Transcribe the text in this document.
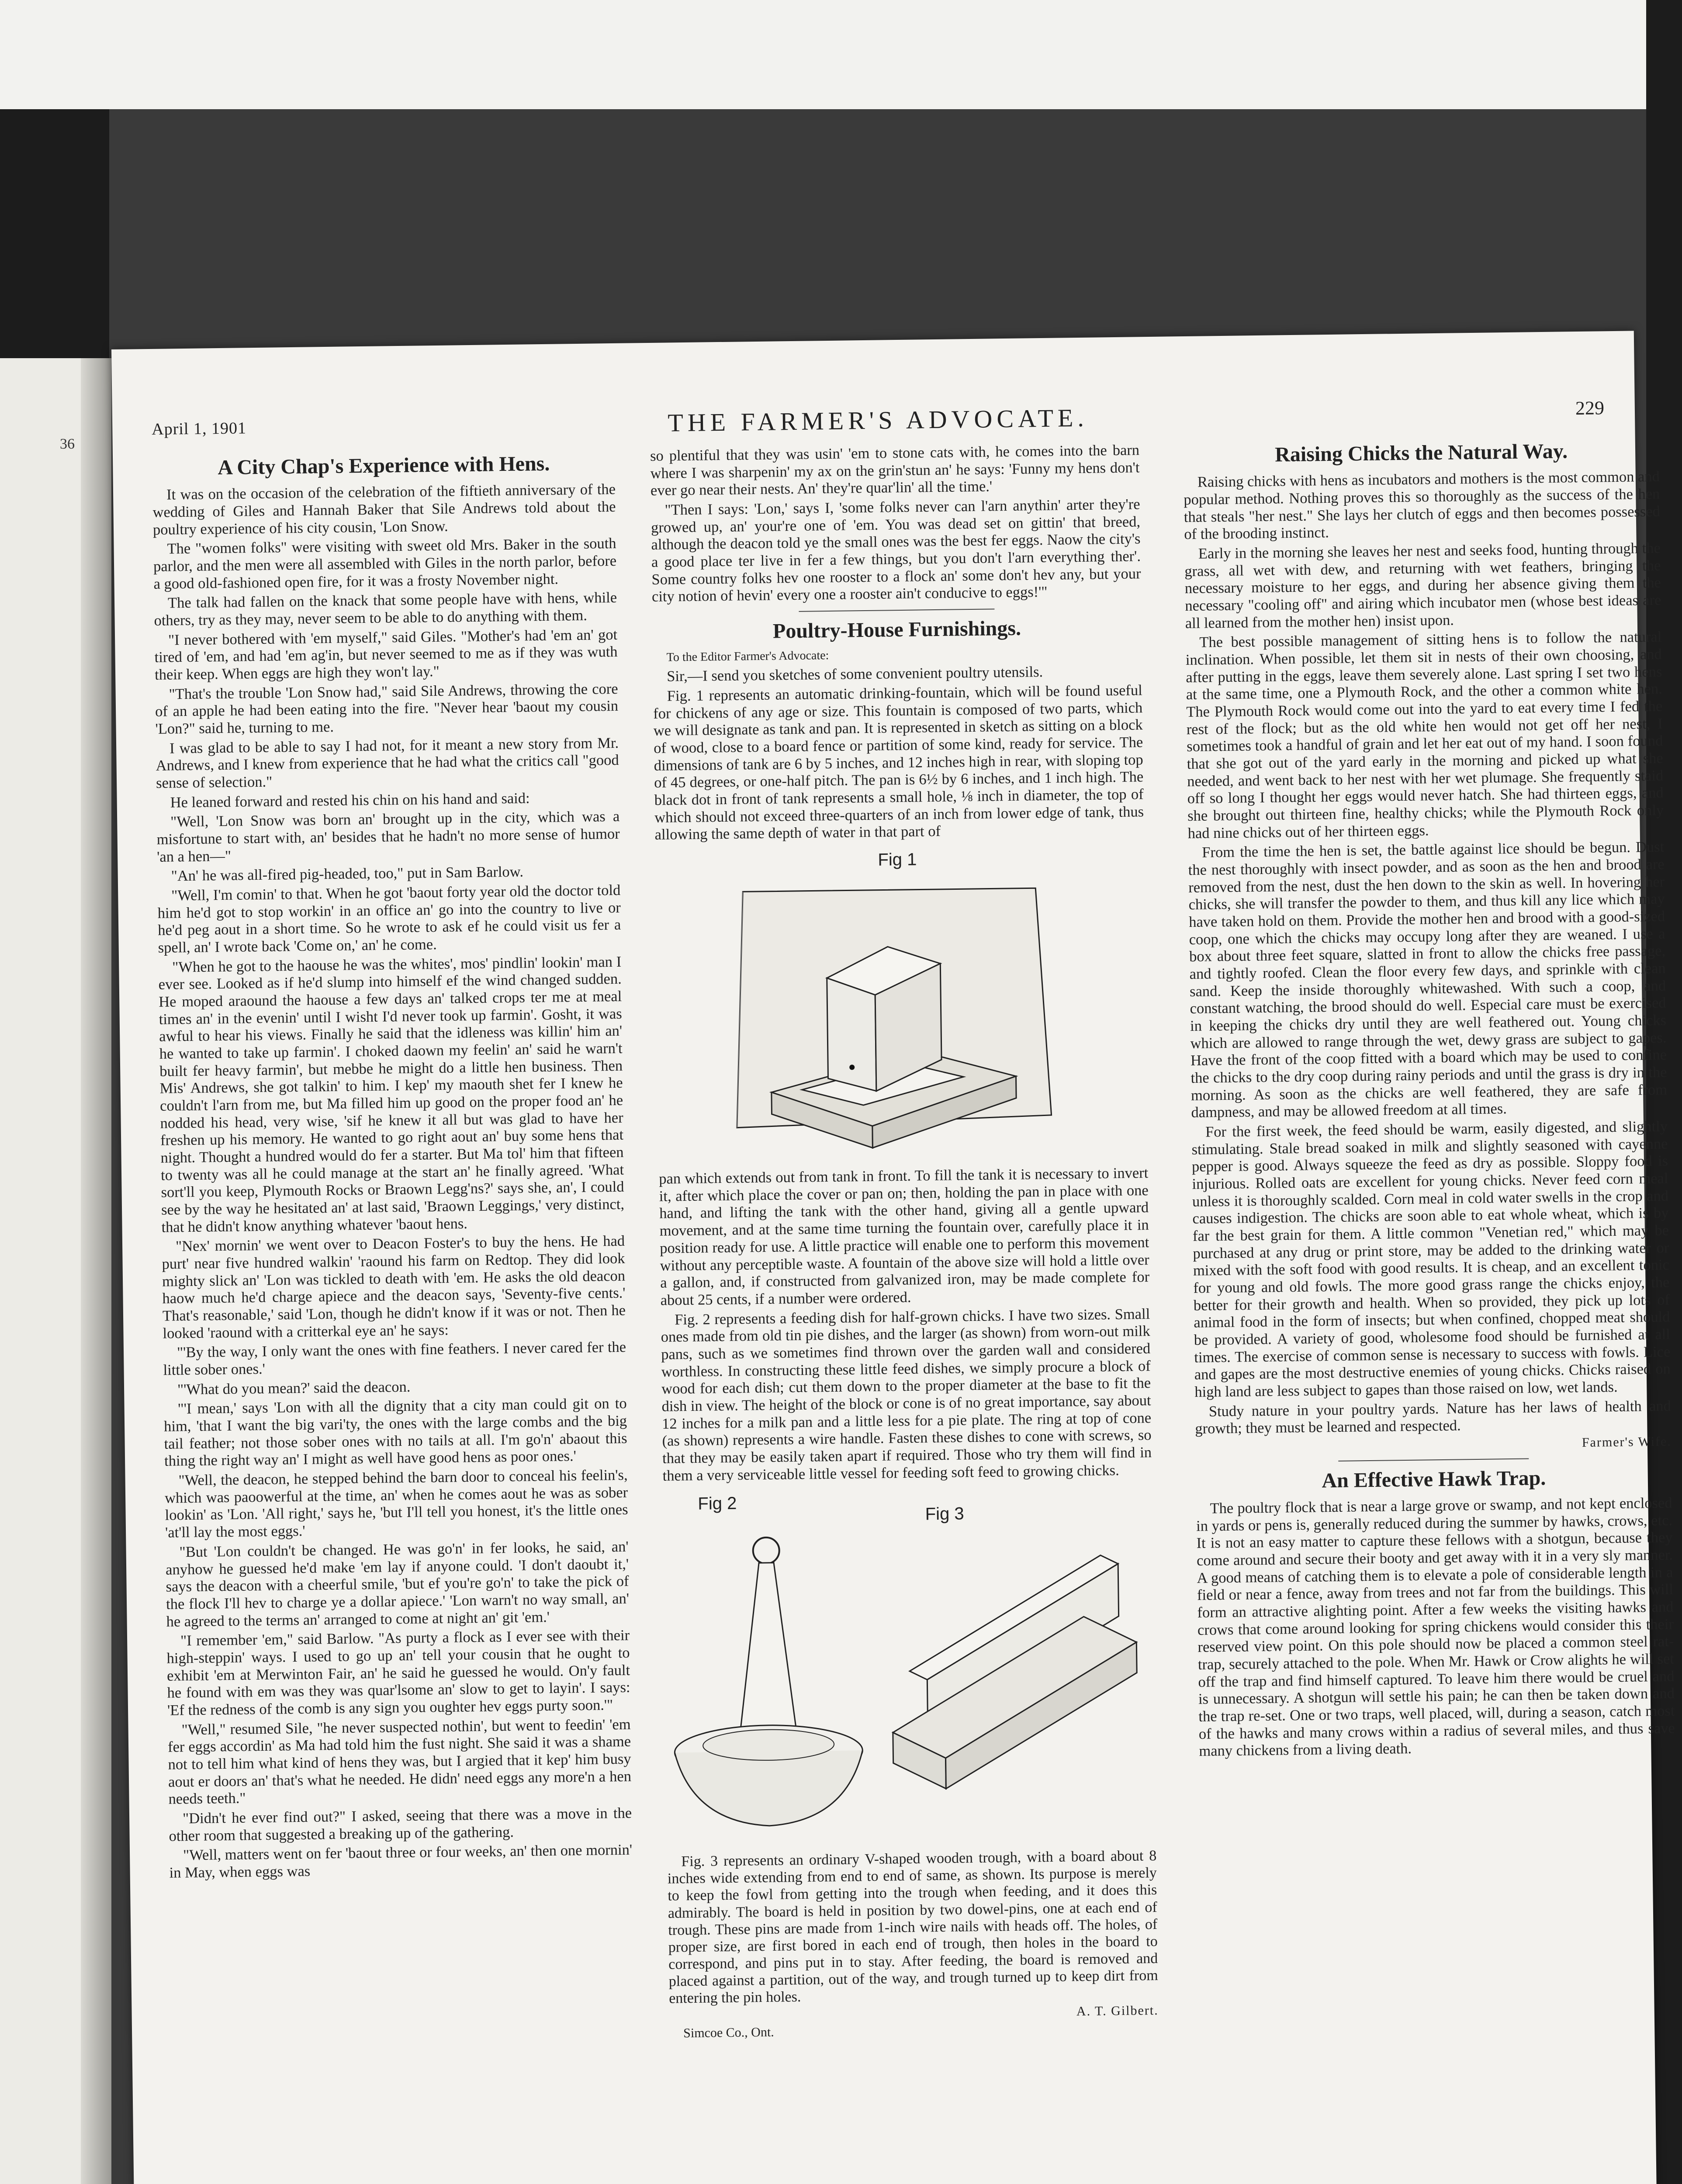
36
April 1, 1901	THE FARMER'S ADVOCATE.	229
A City Chap's Experience with Hens.

It was on the occasion of the celebration of the fiftieth anniversary of the wedding of Giles and Hannah Baker that Sile Andrews told about the poultry experience of his city cousin, 'Lon Snow.

The "women folks" were visiting with sweet old Mrs. Baker in the south parlor, and the men were all assembled with Giles in the north parlor, before a good old-fashioned open fire, for it was a frosty November night.

The talk had fallen on the knack that some people have with hens, while others, try as they may, never seem to be able to do anything with them.

"I never bothered with 'em myself," said Giles. "Mother's had 'em an' got tired of 'em, and had 'em ag'in, but never seemed to me as if they was wuth their keep. When eggs are high they won't lay."

"That's the trouble 'Lon Snow had," said Sile Andrews, throwing the core of an apple he had been eating into the fire. "Never hear 'baout my cousin 'Lon?" said he, turning to me.

I was glad to be able to say I had not, for it meant a new story from Mr. Andrews, and I knew from experience that he had what the critics call "good sense of selection."

He leaned forward and rested his chin on his hand and said:

"Well, 'Lon Snow was born an' brought up in the city, which was a misfortune to start with, an' besides that he hadn't no more sense of humor 'an a hen—"

"An' he was all-fired pig-headed, too," put in Sam Barlow.

"Well, I'm comin' to that. When he got 'baout forty year old the doctor told him he'd got to stop workin' in an office an' go into the country to live or he'd peg aout in a short time. So he wrote to ask ef he could visit us fer a spell, an' I wrote back 'Come on,' an' he come.

"When he got to the haouse he was the whites', mos' pindlin' lookin' man I ever see. Looked as if he'd slump into himself ef the wind changed sudden. He moped araound the haouse a few days an' talked crops ter me at meal times an' in the evenin' until I wisht I'd never took up farmin'. Gosht, it was awful to hear his views. Finally he said that the idleness was killin' him an' he wanted to take up farmin'. I choked daown my feelin' an' said he warn't built fer heavy farmin', but mebbe he might do a little hen business. Then Mis' Andrews, she got talkin' to him. I kep' my maouth shet fer I knew he couldn't l'arn from me, but Ma filled him up good on the proper food an' he nodded his head, very wise, 'sif he knew it all but was glad to have her freshen up his memory. He wanted to go right aout an' buy some hens that night. Thought a hundred would do fer a starter. But Ma tol' him that fifteen to twenty was all he could manage at the start an' he finally agreed. 'What sort'll you keep, Plymouth Rocks or Braown Legg'ns?' says she, an', I could see by the way he hesitated an' at last said, 'Braown Leggings,' very distinct, that he didn't know anything whatever 'baout hens.

"Nex' mornin' we went over to Deacon Foster's to buy the hens. He had purt' near five hundred walkin' 'raound his farm on Redtop. They did look mighty slick an' 'Lon was tickled to death with 'em. He asks the old deacon haow much he'd charge apiece and the deacon says, 'Seventy-five cents.' That's reasonable,' said 'Lon, though he didn't know if it was or not. Then he looked 'raound with a critterkal eye an' he says:

"'By the way, I only want the ones with fine feathers. I never cared fer the little sober ones.'

"'What do you mean?' said the deacon.

"'I mean,' says 'Lon with all the dignity that a city man could git on to him, 'that I want the big vari'ty, the ones with the large combs and the big tail feather; not those sober ones with no tails at all. I'm go'n' abaout this thing the right way an' I might as well have good hens as poor ones.'

"Well, the deacon, he stepped behind the barn door to conceal his feelin's, which was paoowerful at the time, an' when he comes aout he was as sober lookin' as 'Lon. 'All right,' says he, 'but I'll tell you honest, it's the little ones 'at'll lay the most eggs.'

"But 'Lon couldn't be changed. He was go'n' in fer looks, he said, an' anyhow he guessed he'd make 'em lay if anyone could. 'I don't daoubt it,' says the deacon with a cheerful smile, 'but ef you're go'n' to take the pick of the flock I'll hev to charge ye a dollar apiece.' 'Lon warn't no way small, an' he agreed to the terms an' arranged to come at night an' git 'em.'

"I remember 'em," said Barlow. "As purty a flock as I ever see with their high-steppin' ways. I used to go up an' tell your cousin that he ought to exhibit 'em at Merwinton Fair, an' he said he guessed he would. On'y fault he found with em was they was quar'lsome an' slow to get to layin'. I says: 'Ef the redness of the comb is any sign you oughter hev eggs purty soon.'"

"Well," resumed Sile, "he never suspected nothin', but went to feedin' 'em fer eggs accordin' as Ma had told him the fust night. She said it was a shame not to tell him what kind of hens they was, but I argied that it kep' him busy aout er doors an' that's what he needed. He didn' need eggs any more'n a hen needs teeth."

"Didn't he ever find out?" I asked, seeing that there was a move in the other room that suggested a breaking up of the gathering.

"Well, matters went on fer 'baout three or four weeks, an' then one mornin' in May, when eggs was

so plentiful that they was usin' 'em to stone cats with, he comes into the barn where I was sharpenin' my ax on the grin'stun an' he says: 'Funny my hens don't ever go near their nests. An' they're quar'lin' all the time.'

"Then I says: 'Lon,' says I, 'some folks never can l'arn anythin' arter they're growed up, an' your're one of 'em. You was dead set on gittin' that breed, although the deacon told ye the small ones was the best fer eggs. Naow the city's a good place ter live in fer a few things, but you don't l'arn everything ther'. Some country folks hev one rooster to a flock an' some don't hev any, but your city notion of hevin' every one a rooster ain't conducive to eggs!'"

Poultry-House Furnishings.

To the Editor Farmer's Advocate:

Sir,—I send you sketches of some convenient poultry utensils.

Fig. 1 represents an automatic drinking-fountain, which will be found useful for chickens of any age or size. This fountain is composed of two parts, which we will designate as tank and pan. It is represented in sketch as sitting on a block of wood, close to a board fence or partition of some kind, ready for service. The dimensions of tank are 6 by 5 inches, and 12 inches high in rear, with sloping top of 45 degrees, or one-half pitch. The pan is 6½ by 6 inches, and 1 inch high. The black dot in front of tank represents a small hole, ⅛ inch in diameter, the top of which should not exceed three-quarters of an inch from lower edge of tank, thus allowing the same depth of water in that part of

Fig 1

pan which extends out from tank in front. To fill the tank it is necessary to invert it, after which place the cover or pan on; then, holding the pan in place with one hand, and lifting the tank with the other hand, giving all a gentle upward movement, and at the same time turning the fountain over, carefully place it in position ready for use. A little practice will enable one to perform this movement without any perceptible waste. A fountain of the above size will hold a little over a gallon, and, if constructed from galvanized iron, may be made complete for about 25 cents, if a number were ordered.

Fig. 2 represents a feeding dish for half-grown chicks. I have two sizes. Small ones made from old tin pie dishes, and the larger (as shown) from worn-out milk pans, such as we sometimes find thrown over the garden wall and considered worthless. In constructing these little feed dishes, we simply procure a block of wood for each dish; cut them down to the proper diameter at the base to fit the dish in view. The height of the block or cone is of no great importance, say about 12 inches for a milk pan and a little less for a pie plate. The ring at top of cone (as shown) represents a wire handle. Fasten these dishes to cone with screws, so that they may be easily taken apart if required. Those who try them will find in them a very serviceable little vessel for feeding soft feed to growing chicks.

Fig 2
Fig 3

Fig. 3 represents an ordinary V-shaped wooden trough, with a board about 8 inches wide extending from end to end of same, as shown. Its purpose is merely to keep the fowl from getting into the trough when feeding, and it does this admirably. The board is held in position by two dowel-pins, one at each end of trough. These pins are made from 1-inch wire nails with heads off. The holes, of proper size, are first bored in each end of trough, then holes in the board to correspond, and pins put in to stay. After feeding, the board is removed and placed against a partition, out of the way, and trough turned up to keep dirt from entering the pin holes.

A. T. Gilbert.

Simcoe Co., Ont.

Raising Chicks the Natural Way.

Raising chicks with hens as incubators and mothers is the most common and popular method. Nothing proves this so thoroughly as the success of the hen that steals "her nest." She lays her clutch of eggs and then becomes possessed of the brooding instinct.

Early in the morning she leaves her nest and seeks food, hunting through the grass, all wet with dew, and returning with wet feathers, bringing the necessary moisture to her eggs, and during her absence giving them the necessary "cooling off" and airing which incubator men (whose best ideas are all learned from the mother hen) insist upon.

The best possible management of sitting hens is to follow the natural inclination. When possible, let them sit in nests of their own choosing, and after putting in the eggs, leave them severely alone. Last spring I set two hens at the same time, one a Plymouth Rock, and the other a common white hen. The Plymouth Rock would come out into the yard to eat every time I fed the rest of the flock; but as the old white hen would not get off her nest, I sometimes took a handful of grain and let her eat out of my hand. I soon found that she got out of the yard early in the morning and picked up what she needed, and went back to her nest with her wet plumage. She frequently staid off so long I thought her eggs would never hatch. She had thirteen eggs, and she brought out thirteen fine, healthy chicks; while the Plymouth Rock only had nine chicks out of her thirteen eggs.

From the time the hen is set, the battle against lice should be begun. Dust the nest thoroughly with insect powder, and as soon as the hen and brood are removed from the nest, dust the hen down to the skin as well. In hovering her chicks, she will transfer the powder to them, and thus kill any lice which may have taken hold on them. Provide the mother hen and brood with a good-sized coop, one which the chicks may occupy long after they are weaned. I use a box about three feet square, slatted in front to allow the chicks free passage, and tightly roofed. Clean the floor every few days, and sprinkle with clean sand. Keep the inside thoroughly whitewashed. With such a coop, and constant watching, the brood should do well. Especial care must be exercised in keeping the chicks dry until they are well feathered out. Young chicks which are allowed to range through the wet, dewy grass are subject to gapes. Have the front of the coop fitted with a board which may be used to confine the chicks to the dry coop during rainy periods and until the grass is dry in the morning. As soon as the chicks are well feathered, they are safe from dampness, and may be allowed freedom at all times.

For the first week, the feed should be warm, easily digested, and slightly stimulating. Stale bread soaked in milk and slightly seasoned with cayenne pepper is good. Always squeeze the feed as dry as possible. Sloppy food is injurious. Rolled oats are excellent for young chicks. Never feed corn meal unless it is thoroughly scalded. Corn meal in cold water swells in the crop and causes indigestion. The chicks are soon able to eat whole wheat, which is by far the best grain for them. A little common "Venetian red," which may be purchased at any drug or print store, may be added to the drinking water or mixed with the soft food with good results. It is cheap, and an excellent tonic for young and old fowls. The more good grass range the chicks enjoy, the better for their growth and health. When so provided, they pick up lots of animal food in the form of insects; but when confined, chopped meat should be provided. A variety of good, wholesome food should be furnished at all times. The exercise of common sense is necessary to success with fowls. Lice and gapes are the most destructive enemies of young chicks. Chicks raised on high land are less subject to gapes than those raised on low, wet lands.

Study nature in your poultry yards. Nature has her laws of health and growth; they must be learned and respected.

Farmer's Wife.

An Effective Hawk Trap.

The poultry flock that is near a large grove or swamp, and not kept enclosed in yards or pens is, generally reduced during the summer by hawks, crows, etc. It is not an easy matter to capture these fellows with a shotgun, because they come around and secure their booty and get away with it in a very sly manner. A good means of catching them is to elevate a pole of considerable length in a field or near a fence, away from trees and not far from the buildings. This will form an attractive alighting point. After a few weeks the visiting hawks and crows that come around looking for spring chickens would consider this their reserved view point. On this pole should now be placed a common steel rat-trap, securely attached to the pole. When Mr. Hawk or Crow alights he will set off the trap and find himself captured. To leave him there would be cruel and is unnecessary. A shotgun will settle his pain; he can then be taken down and the trap re-set. One or two traps, well placed, will, during a season, catch most of the hawks and many crows within a radius of several miles, and thus save many chickens from a living death.
